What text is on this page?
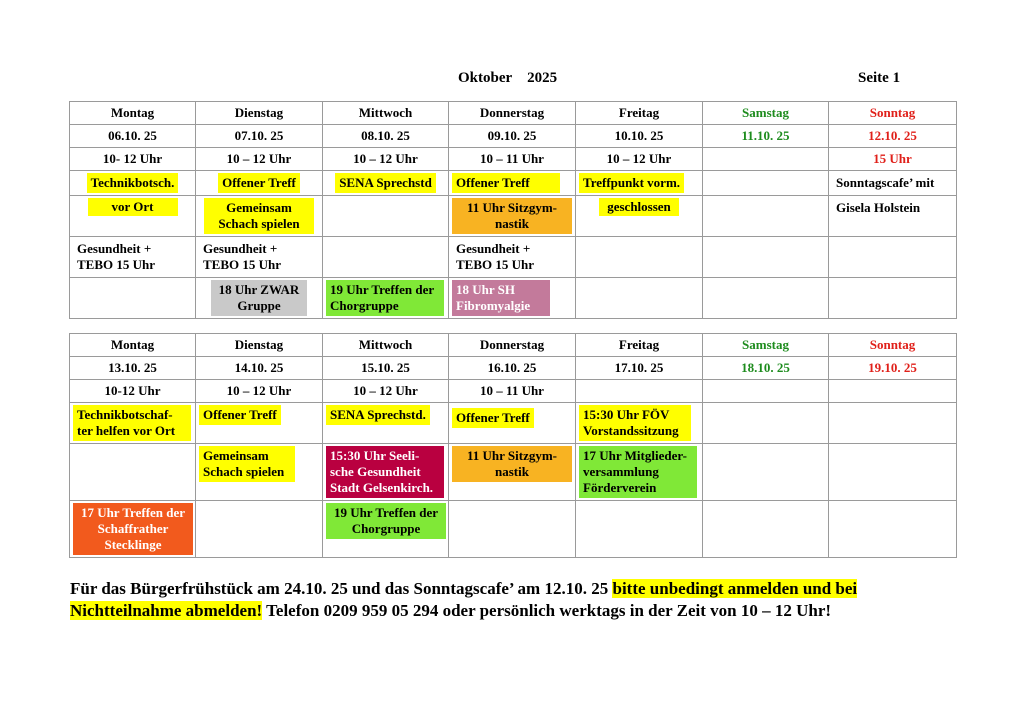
Oktober 2025	Seite 1
Montag	Dienstag	Mittwoch	Donnerstag	Freitag	Samstag	Sonntag
06.10. 25	07.10. 25	08.10. 25	09.10. 25	10.10. 25	11.10. 25	12.10. 25
10- 12 Uhr	10 – 12 Uhr	10 – 12 Uhr	10 – 11 Uhr	10 – 12 Uhr		15 Uhr
Technikbotsch.	Offener Treff	SENA Sprechstd	Offener Treff	Treffpunkt vorm.		Sonntagscafe’ mit
vor Ort	Gemeinsam Schach spielen		11 Uhr Sitzgym-nastik	geschlossen		Gisela Holstein
Gesundheit + TEBO 15 Uhr	Gesundheit + TEBO 15 Uhr		Gesundheit + TEBO 15 Uhr			
	18 Uhr ZWAR Gruppe	19 Uhr Treffen der Chorgruppe	18 Uhr SH Fibromyalgie			
Montag	Dienstag	Mittwoch	Donnerstag	Freitag	Samstag	Sonntag
13.10. 25	14.10. 25	15.10. 25	16.10. 25	17.10. 25	18.10. 25	19.10. 25
10-12 Uhr	10 – 12 Uhr	10 – 12 Uhr	10 – 11 Uhr			
Technikbotschaf-ter helfen vor Ort	Offener Treff	SENA Sprechstd.	Offener Treff	15:30 Uhr FÖV Vorstandssitzung		
	Gemeinsam Schach spielen	15:30 Uhr Seeli-sche Gesundheit Stadt Gelsenkirch.	11 Uhr Sitzgym-nastik	17 Uhr Mitglieder-versammlung Förderverein		
17 Uhr Treffen der Schaffrather Stecklinge		19 Uhr Treffen der Chorgruppe				
Für das Bürgerfrühstück am 24.10. 25 und das Sonntagscafe’ am 12.10. 25 bitte unbedingt anmelden und bei Nichtteilnahme abmelden! Telefon 0209 959 05 294 oder persönlich werktags in der Zeit von 10 – 12 Uhr!
